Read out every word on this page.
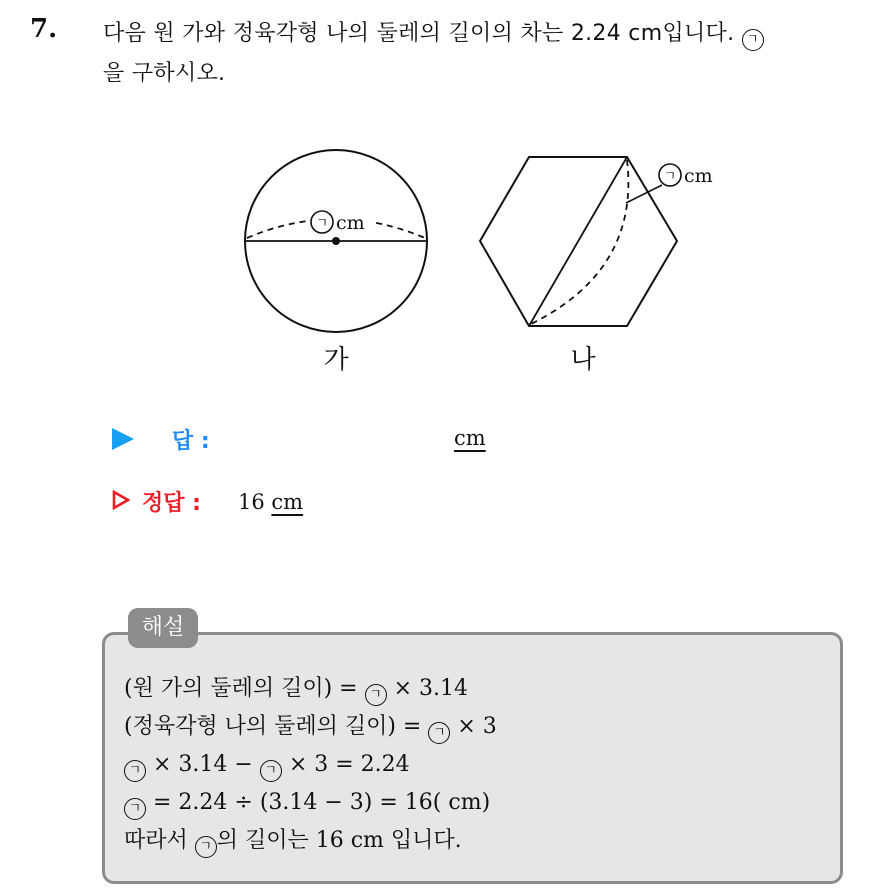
7. 다음 원 가와 정육각형 나의 둘레의 길이의 차는 2.24 cm입니다. ㄱ
을 구하시오.
ㄱ cm
가
ㄱ cm
나
답 :	cm
정답 : 16 cm
해설
(원 가의 둘레의 길이) = ㄱ × 3.14
(정육각형 나의 둘레의 길이) = ㄱ × 3
ㄱ × 3.14 − ㄱ × 3 = 2.24
ㄱ = 2.24 ÷ (3.14 − 3) = 16( cm)
따라서 ㄱ 의 길이는 16 cm 입니다.
